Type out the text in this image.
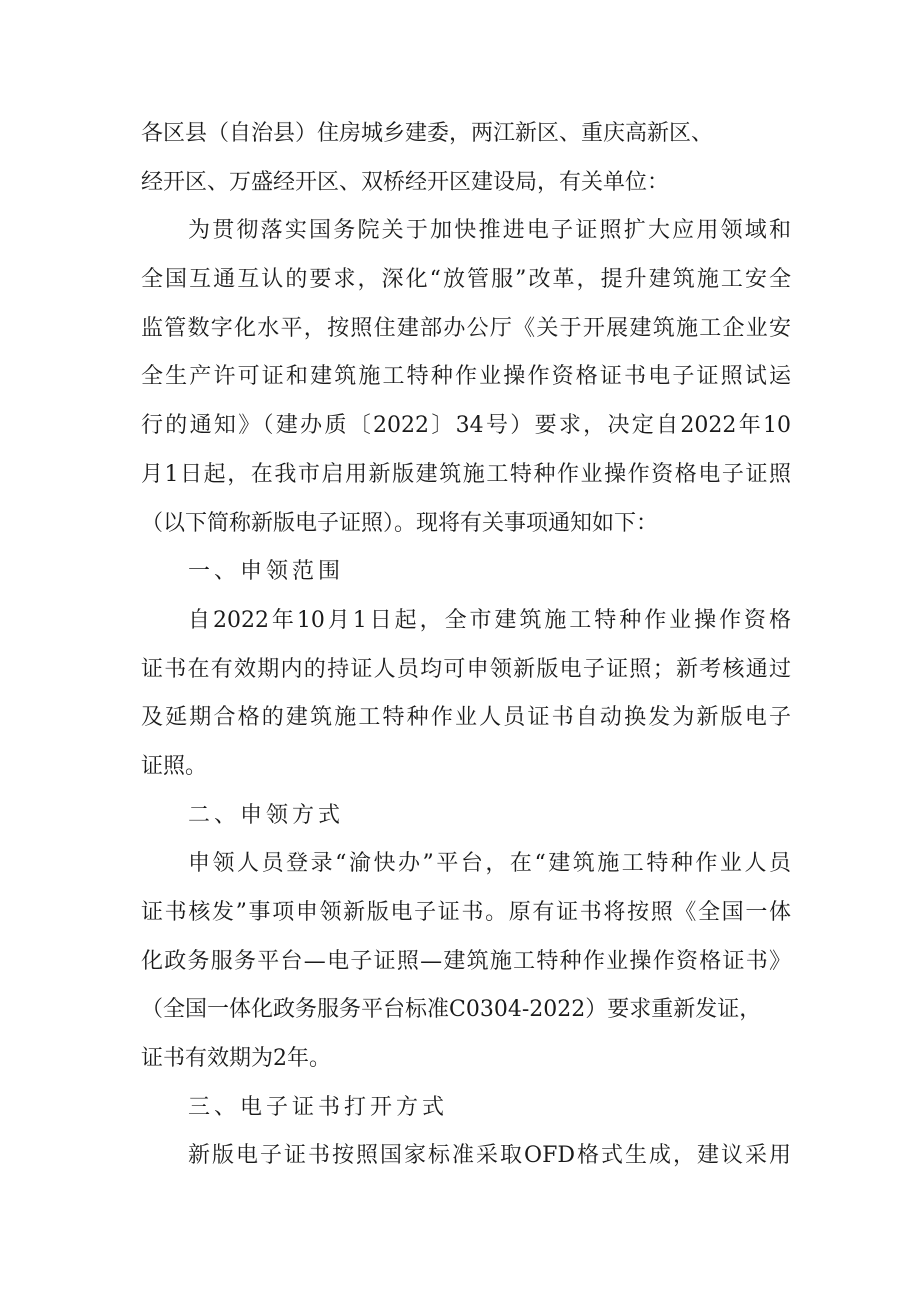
各区县（自治县）住房城乡建委，两江新区、重庆高新区、
经开区、万盛经开区、双桥经开区建设局，有关单位：
为贯彻落实国务院关于加快推进电子证照扩大应用领域和
全国互通互认的要求，深化“放管服”改革，提升建筑施工安全
监管数字化水平，按照住建部办公厅《关于开展建筑施工企业安
全生产许可证和建筑施工特种作业操作资格证书电子证照试运
行的通知》（建办质〔2022〕34号）要求，决定自2022年10
月1日起，在我市启用新版建筑施工特种作业操作资格电子证照
（以下简称新版电子证照）。现将有关事项通知如下：
一、申领范围
自2022年10月1日起，全市建筑施工特种作业操作资格
证书在有效期内的持证人员均可申领新版电子证照；新考核通过
及延期合格的建筑施工特种作业人员证书自动换发为新版电子
证照。
二、申领方式
申领人员登录“渝快办”平台，在“建筑施工特种作业人员
证书核发”事项申领新版电子证书。原有证书将按照《全国一体
化政务服务平台—电子证照—建筑施工特种作业操作资格证书》
（全国一体化政务服务平台标准C0304-2022）要求重新发证，
证书有效期为2年。
三、电子证书打开方式
新版电子证书按照国家标准采取OFD格式生成，建议采用
